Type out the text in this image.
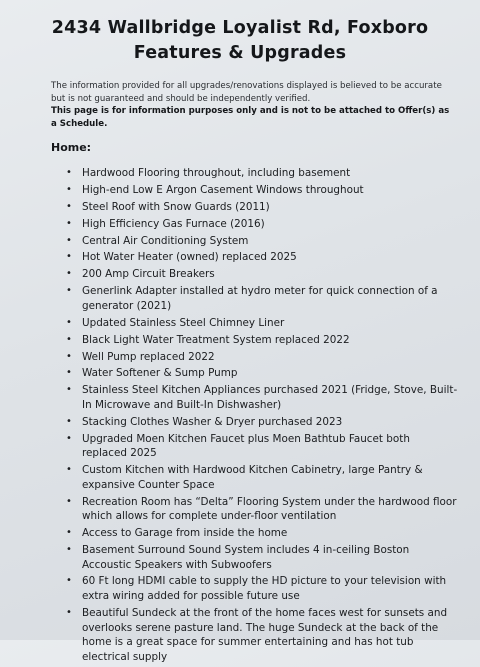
2434 Wallbridge Loyalist Rd, Foxboro
Features & Upgrades
The information provided for all upgrades/renovations displayed is believed to be accurate but is not guaranteed and should be independently verified.
This page is for information purposes only and is not to be attached to Offer(s) as a Schedule.
Home:
• Hardwood Flooring throughout, including basement
• High-end Low E Argon Casement Windows throughout
• Steel Roof with Snow Guards (2011)
• High Efficiency Gas Furnace (2016)
• Central Air Conditioning System
• Hot Water Heater (owned) replaced 2025
• 200 Amp Circuit Breakers
• Generlink Adapter installed at hydro meter for quick connection of a generator (2021)
• Updated Stainless Steel Chimney Liner
• Black Light Water Treatment System replaced 2022
• Well Pump replaced 2022
• Water Softener & Sump Pump
• Stainless Steel Kitchen Appliances purchased 2021 (Fridge, Stove, Built-In Microwave and Built-In Dishwasher)
• Stacking Clothes Washer & Dryer purchased 2023
• Upgraded Moen Kitchen Faucet plus Moen Bathtub Faucet both replaced 2025
• Custom Kitchen with Hardwood Kitchen Cabinetry, large Pantry & expansive Counter Space
• Recreation Room has “Delta” Flooring System under the hardwood floor which allows for complete under-floor ventilation
• Access to Garage from inside the home
• Basement Surround Sound System includes 4 in-ceiling Boston Accoustic Speakers with Subwoofers
• 60 Ft long HDMI cable to supply the HD picture to your television with extra wiring added for possible future use
• Beautiful Sundeck at the front of the home faces west for sunsets and overlooks serene pasture land. The huge Sundeck at the back of the home is a great space for summer entertaining and has hot tub electrical supply
